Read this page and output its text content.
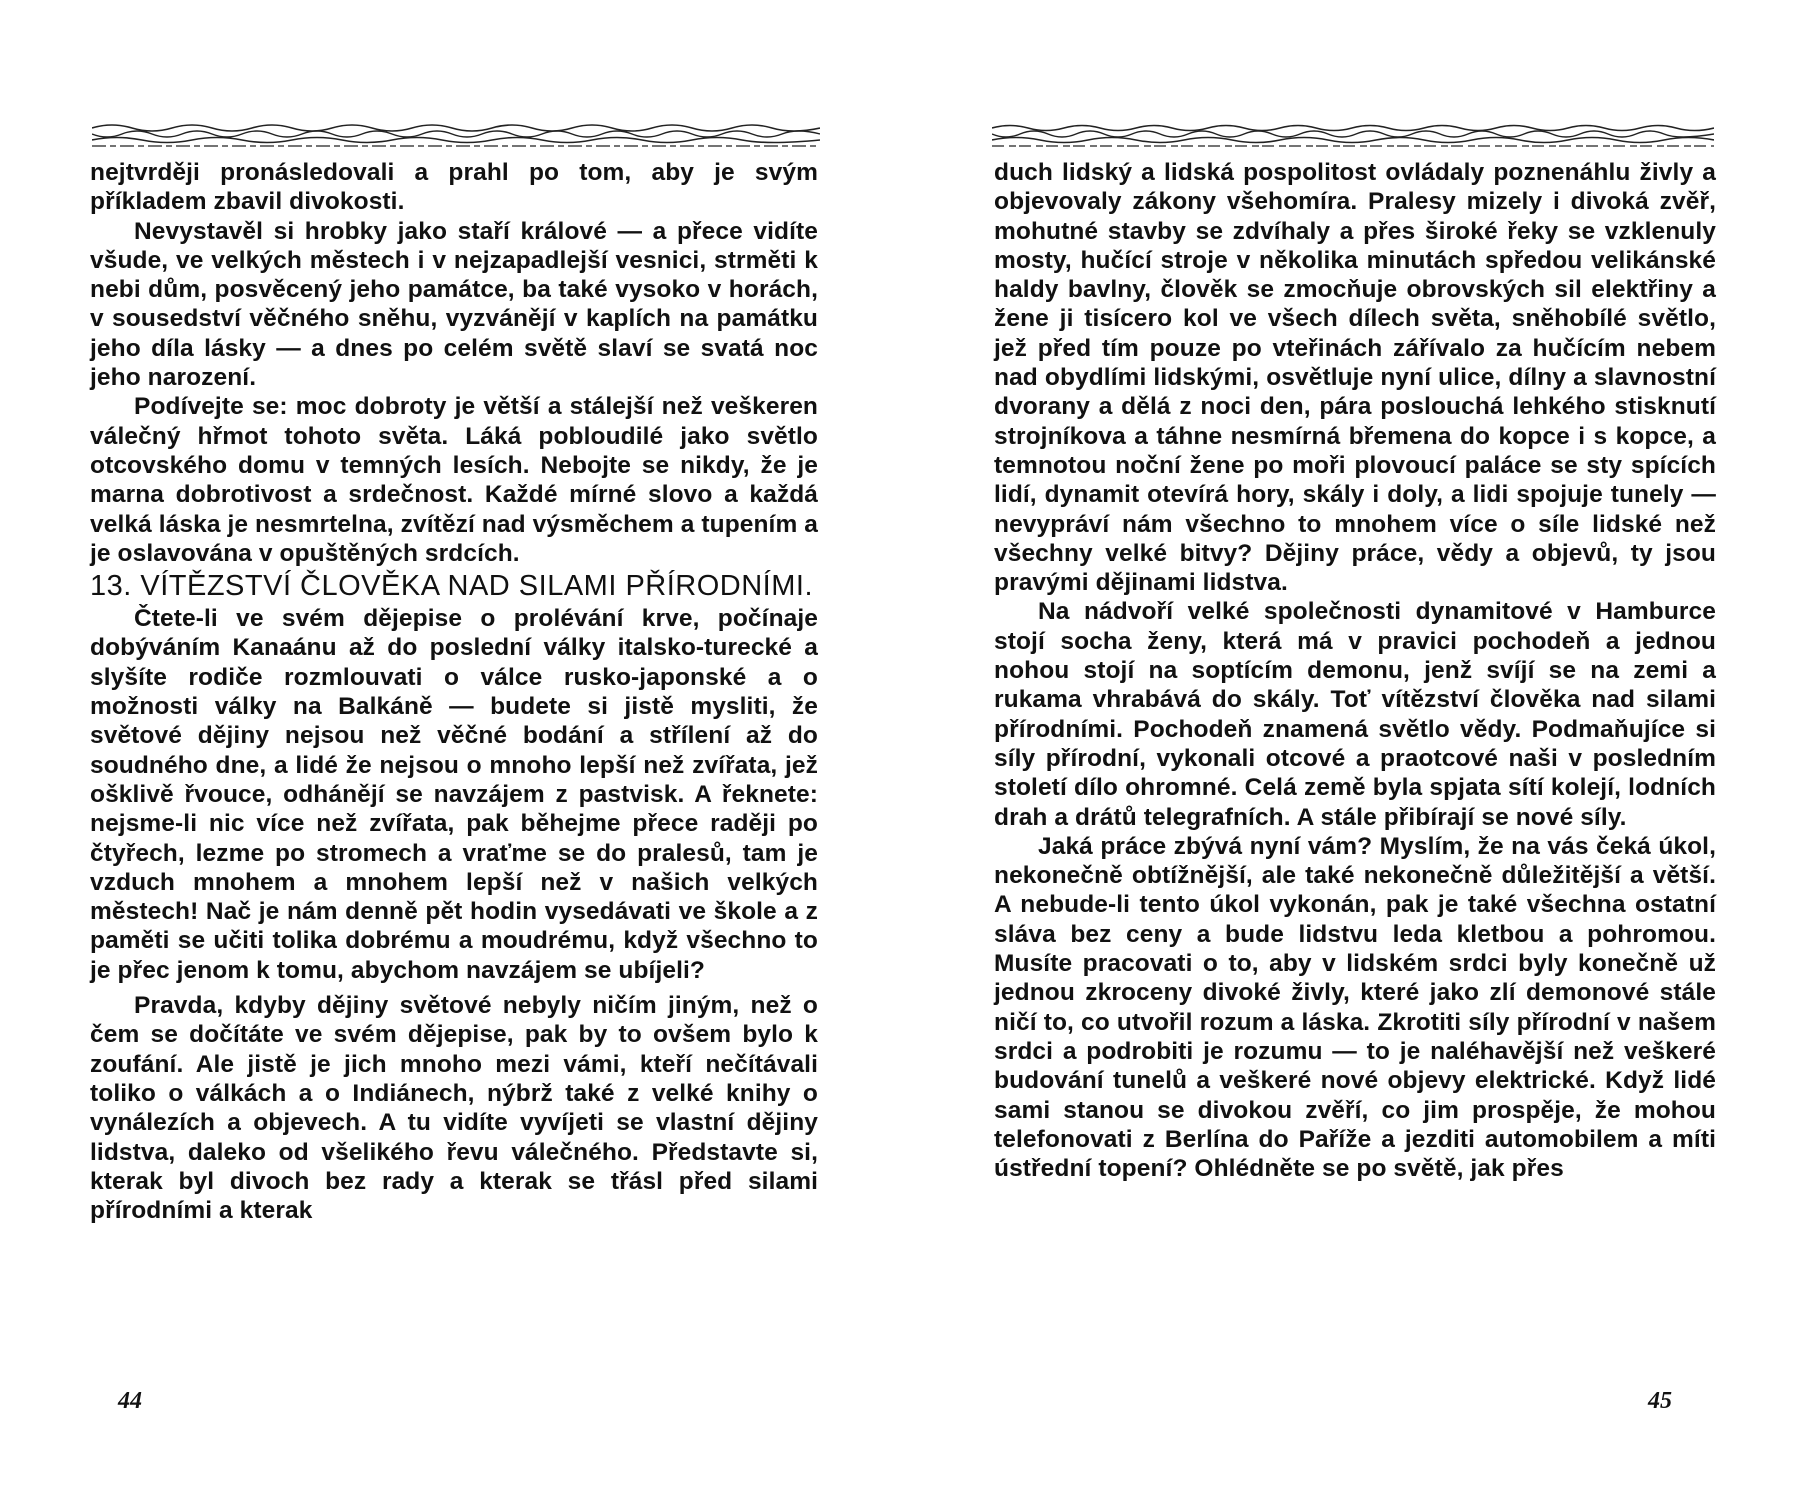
nejtvrději pronásledovali a prahl po tom, aby je svým příkladem zbavil divokosti.

Nevystavěl si hrobky jako staří králové — a přece vidíte všude, ve velkých městech i v nejzapadlejší vesnici, strměti k nebi dům, posvěcený jeho památce, ba také vysoko v horách, v sousedství věčného sněhu, vyzvánějí v kaplích na památku jeho díla lásky — a dnes po celém světě slaví se svatá noc jeho narození.

Podívejte se: moc dobroty je větší a stálejší než veškeren válečný hřmot tohoto světa. Láká pobloudilé jako světlo otcovského domu v temných lesích. Nebojte se nikdy, že je marna dobrotivost a srdečnost. Každé mírné slovo a každá velká láska je nesmrtelna, zvítězí nad výsměchem a tupením a je oslavována v opuštěných srdcích.

13. VÍTĚZSTVÍ ČLOVĚKA NAD SILAMI PŘÍRODNÍMI.

Čtete-li ve svém dějepise o prolévání krve, počínaje dobýváním Kanaánu až do poslední války italsko-turecké a slyšíte rodiče rozmlouvati o válce rusko-japonské a o možnosti války na Balkáně — budete si jistě mysliti, že světové dějiny nejsou než věčné bodání a střílení až do soudného dne, a lidé že nejsou o mnoho lepší než zvířata, jež ošklivě řvouce, odhánějí se navzájem z pastvisk. A řeknete: nejsme-li nic více než zvířata, pak běhejme přece raději po čtyřech, lezme po stromech a vraťme se do pralesů, tam je vzduch mnohem a mnohem lepší než v našich velkých městech! Nač je nám denně pět hodin vysedávati ve škole a z paměti se učiti tolika dobrému a moudrému, když všechno to je přec jenom k tomu, abychom navzájem se ubíjeli?

Pravda, kdyby dějiny světové nebyly ničím jiným, než o čem se dočítáte ve svém dějepise, pak by to ovšem bylo k zoufání. Ale jistě je jich mnoho mezi vámi, kteří nečítávali toliko o válkách a o Indiánech, nýbrž také z velké knihy o vynálezích a objevech. A tu vidíte vyvíjeti se vlastní dějiny lidstva, daleko od všelikého řevu válečného. Představte si, kterak byl divoch bez rady a kterak se třásl před silami přírodními a kterak

44

duch lidský a lidská pospolitost ovládaly poznenáhlu živly a objevovaly zákony všehomíra. Pralesy mizely i divoká zvěř, mohutné stavby se zdvíhaly a přes široké řeky se vzklenuly mosty, hučící stroje v několika minutách spředou velikánské haldy bavlny, člověk se zmocňuje obrovských sil elektřiny a žene ji tisícero kol ve všech dílech světa, sněhobílé světlo, jež před tím pouze po vteřinách zářívalo za hučícím nebem nad obydlími lidskými, osvětluje nyní ulice, dílny a slavnostní dvorany a dělá z noci den, pára poslouchá lehkého stisknutí strojníkova a táhne nesmírná břemena do kopce i s kopce, a temnotou noční žene po moři plovoucí paláce se sty spících lidí, dynamit otevírá hory, skály i doly, a lidi spojuje tunely — nevypráví nám všechno to mnohem více o síle lidské než všechny velké bitvy? Dějiny práce, vědy a objevů, ty jsou pravými dějinami lidstva.

Na nádvoří velké společnosti dynamitové v Hamburce stojí socha ženy, která má v pravici pochodeň a jednou nohou stojí na soptícím demonu, jenž svíjí se na zemi a rukama vhrabává do skály. Toť vítězství člověka nad silami přírodními. Pochodeň znamená světlo vědy. Podmaňujíce si síly přírodní, vykonali otcové a praotcové naši v posledním století dílo ohromné. Celá země byla spjata sítí kolejí, lodních drah a drátů telegrafních. A stále přibírají se nové síly.

Jaká práce zbývá nyní vám? Myslím, že na vás čeká úkol, nekonečně obtížnější, ale také nekonečně důležitější a větší. A nebude-li tento úkol vykonán, pak je také všechna ostatní sláva bez ceny a bude lidstvu leda kletbou a pohromou. Musíte pracovati o to, aby v lidském srdci byly konečně už jednou zkroceny divoké živly, které jako zlí demonové stále ničí to, co utvořil rozum a láska. Zkrotiti síly přírodní v našem srdci a podrobiti je rozumu — to je naléhavější než veškeré budování tunelů a veškeré nové objevy elektrické. Když lidé sami stanou se divokou zvěří, co jim prospěje, že mohou telefonovati z Berlína do Paříže a jezditi automobilem a míti ústřední topení? Ohlédněte se po světě, jak přes

45
